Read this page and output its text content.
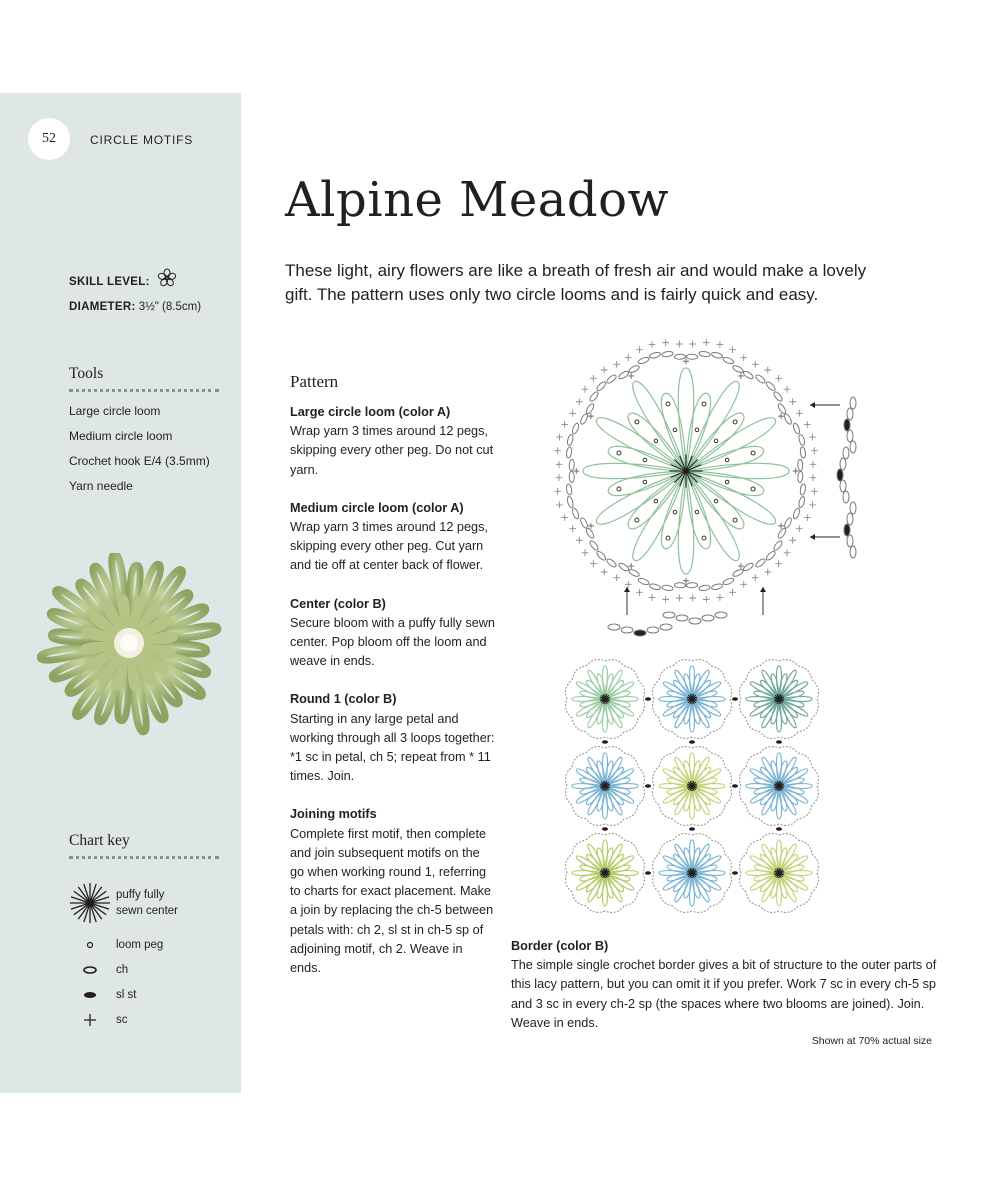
52	CIRCLE MOTIFS
SKILL LEVEL:
DIAMETER: 3½" (8.5cm)
Tools
Large circle loom
Medium circle loom
Crochet hook E/4 (3.5mm)
Yarn needle
Chart key
puffy fully sewn center
loom peg
ch
sl st
sc
Alpine Meadow

These light, airy flowers are like a breath of fresh air and would make a lovely gift. The pattern uses only two circle looms and is fairly quick and easy.

Pattern
Large circle loom (color A)
Wrap yarn 3 times around 12 pegs, skipping every other peg. Do not cut yarn.
Medium circle loom (color A)
Wrap yarn 3 times around 12 pegs, skipping every other peg. Cut yarn and tie off at center back of flower.
Center (color B)
Secure bloom with a puffy fully sewn center. Pop bloom off the loom and weave in ends.
Round 1 (color B)
Starting in any large petal and working through all 3 loops together: *1 sc in petal, ch 5; repeat from * 11 times. Join.
Joining motifs
Complete first motif, then complete and join subsequent motifs on the go when working round 1, referring to charts for exact placement. Make a join by replacing the ch-5 between petals with: ch 2, sl st in ch-5 sp of adjoining motif, ch 2. Weave in ends.
Border (color B)
The simple single crochet border gives a bit of structure to the outer parts of this lacy pattern, but you can omit it if you prefer. Work 7 sc in every ch-5 sp and 3 sc in every ch-2 sp (the spaces where two blooms are joined). Join. Weave in ends.
Shown at 70% actual size
